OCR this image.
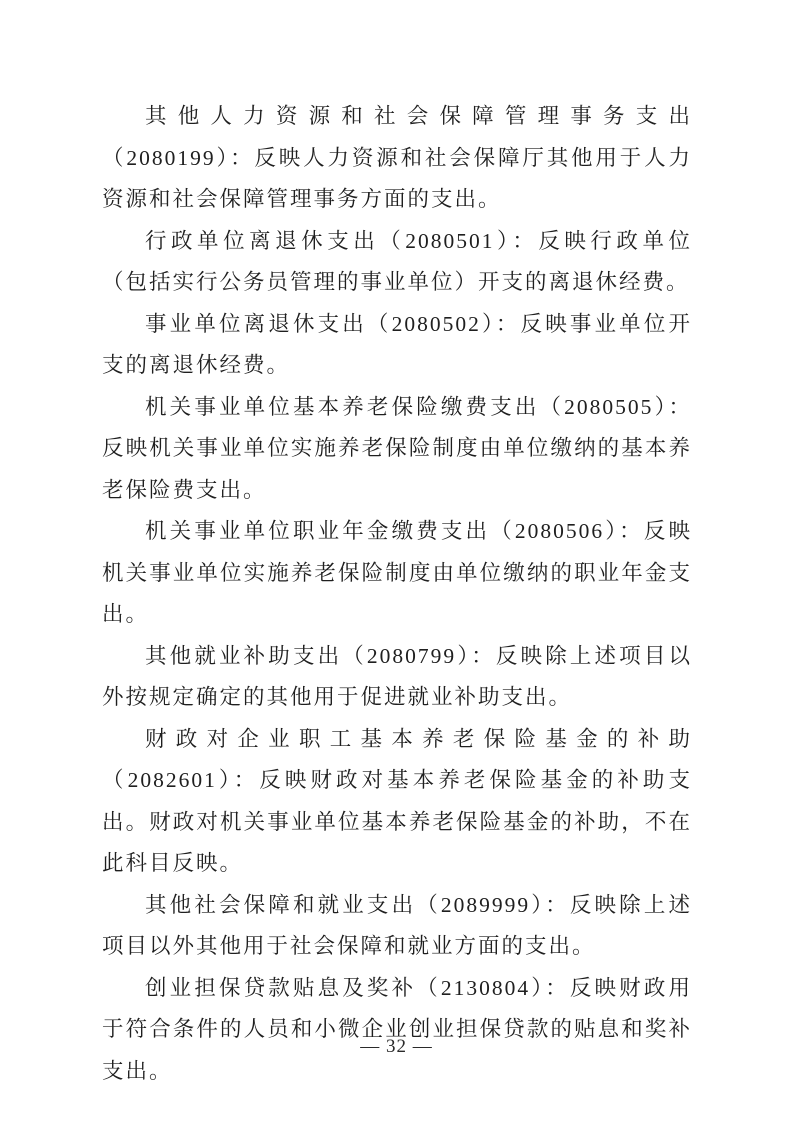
其他人力资源和社会保障管理事务支出（2080199）：反映人力资源和社会保障厅其他用于人力资源和社会保障管理事务方面的支出。

行政单位离退休支出（2080501）：反映行政单位（包括实行公务员管理的事业单位）开支的离退休经费。

事业单位离退休支出（2080502）：反映事业单位开支的离退休经费。

机关事业单位基本养老保险缴费支出（2080505）：反映机关事业单位实施养老保险制度由单位缴纳的基本养老保险费支出。

机关事业单位职业年金缴费支出（2080506）：反映机关事业单位实施养老保险制度由单位缴纳的职业年金支出。

其他就业补助支出（2080799）：反映除上述项目以外按规定确定的其他用于促进就业补助支出。

财政对企业职工基本养老保险基金的补助（2082601）：反映财政对基本养老保险基金的补助支出。财政对机关事业单位基本养老保险基金的补助，不在此科目反映。

其他社会保障和就业支出（2089999）：反映除上述项目以外其他用于社会保障和就业方面的支出。

创业担保贷款贴息及奖补（2130804）：反映财政用于符合条件的人员和小微企业创业担保贷款的贴息和奖补支出。

— 32 —
